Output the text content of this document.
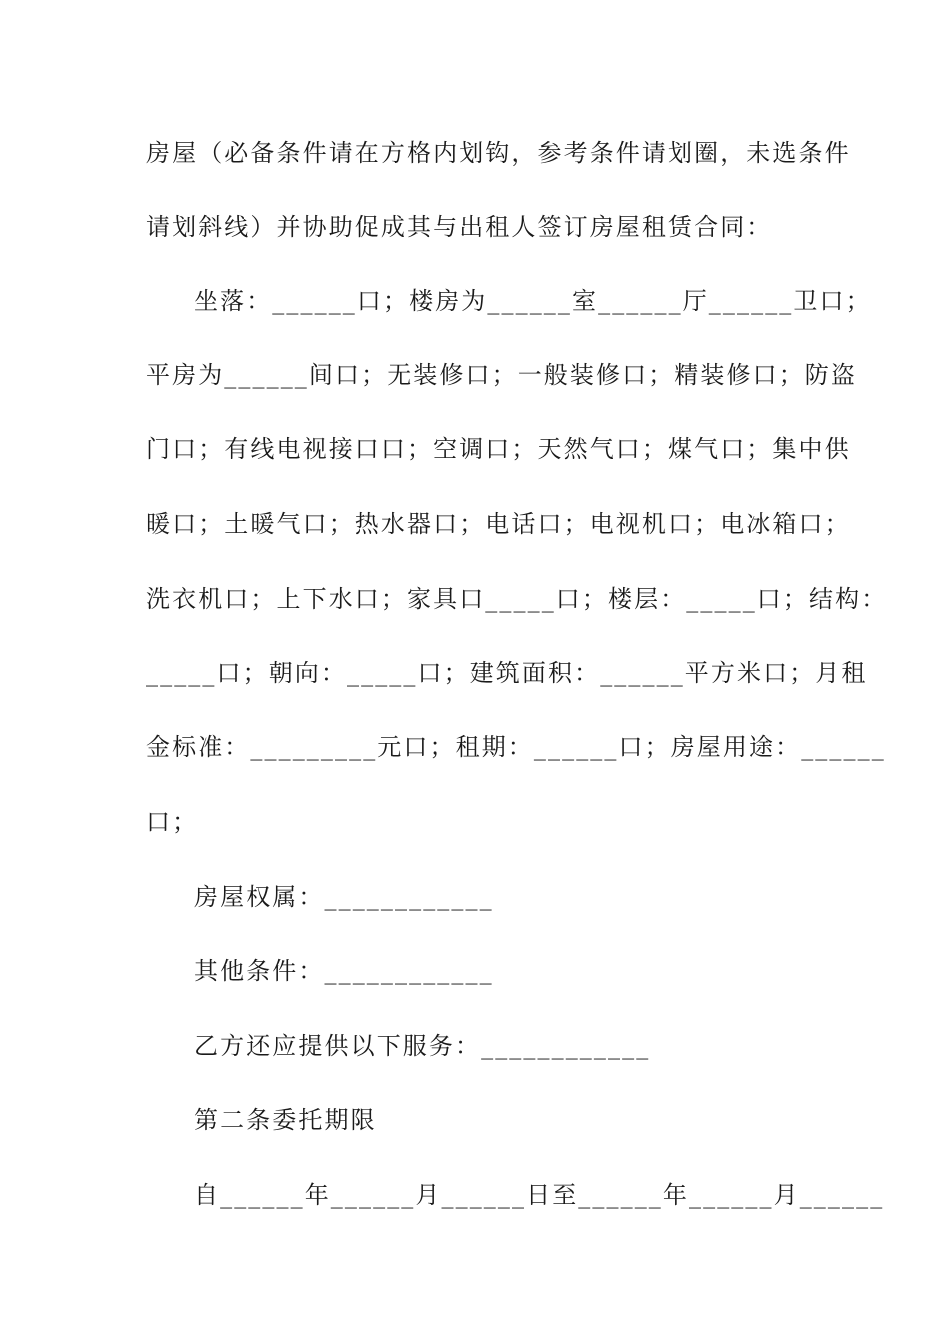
房屋（必备条件请在方格内划钩，参考条件请划圈，未选条件

请划斜线）并协助促成其与出租人签订房屋租赁合同：

坐落：______口；楼房为______室______厅______卫口；

平房为______间口；无装修口；一般装修口；精装修口；防盗

门口；有线电视接口口；空调口；天然气口；煤气口；集中供

暖口；土暖气口；热水器口；电话口；电视机口；电冰箱口；

洗衣机口；上下水口；家具口_____口；楼层：_____口；结构：

_____口；朝向：_____口；建筑面积：______平方米口；月租

金标准：_________元口；租期：______口；房屋用途：______

口；

房屋权属：____________

其他条件：____________

乙方还应提供以下服务：____________

第二条委托期限

自______年______月______日至______年______月______
